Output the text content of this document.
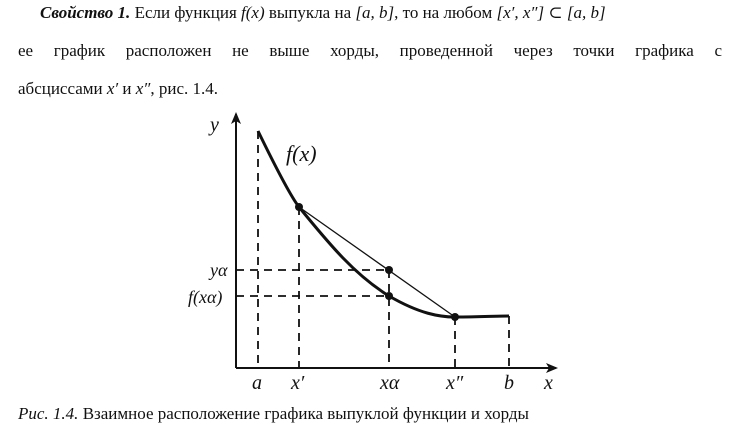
Свойство 1. Если функция f(x) выпукла на [a, b], то на любом [x′, x″] ⊂ [a, b]
ее график расположен не выше хорды, проведенной через точки графика с
абсциссами x′ и x″, рис. 1.4.
y
f(x)
yα
f(xα)
a x′	xα x″ b x
Рис. 1.4. Взаимное расположение графика выпуклой функции и хорды
